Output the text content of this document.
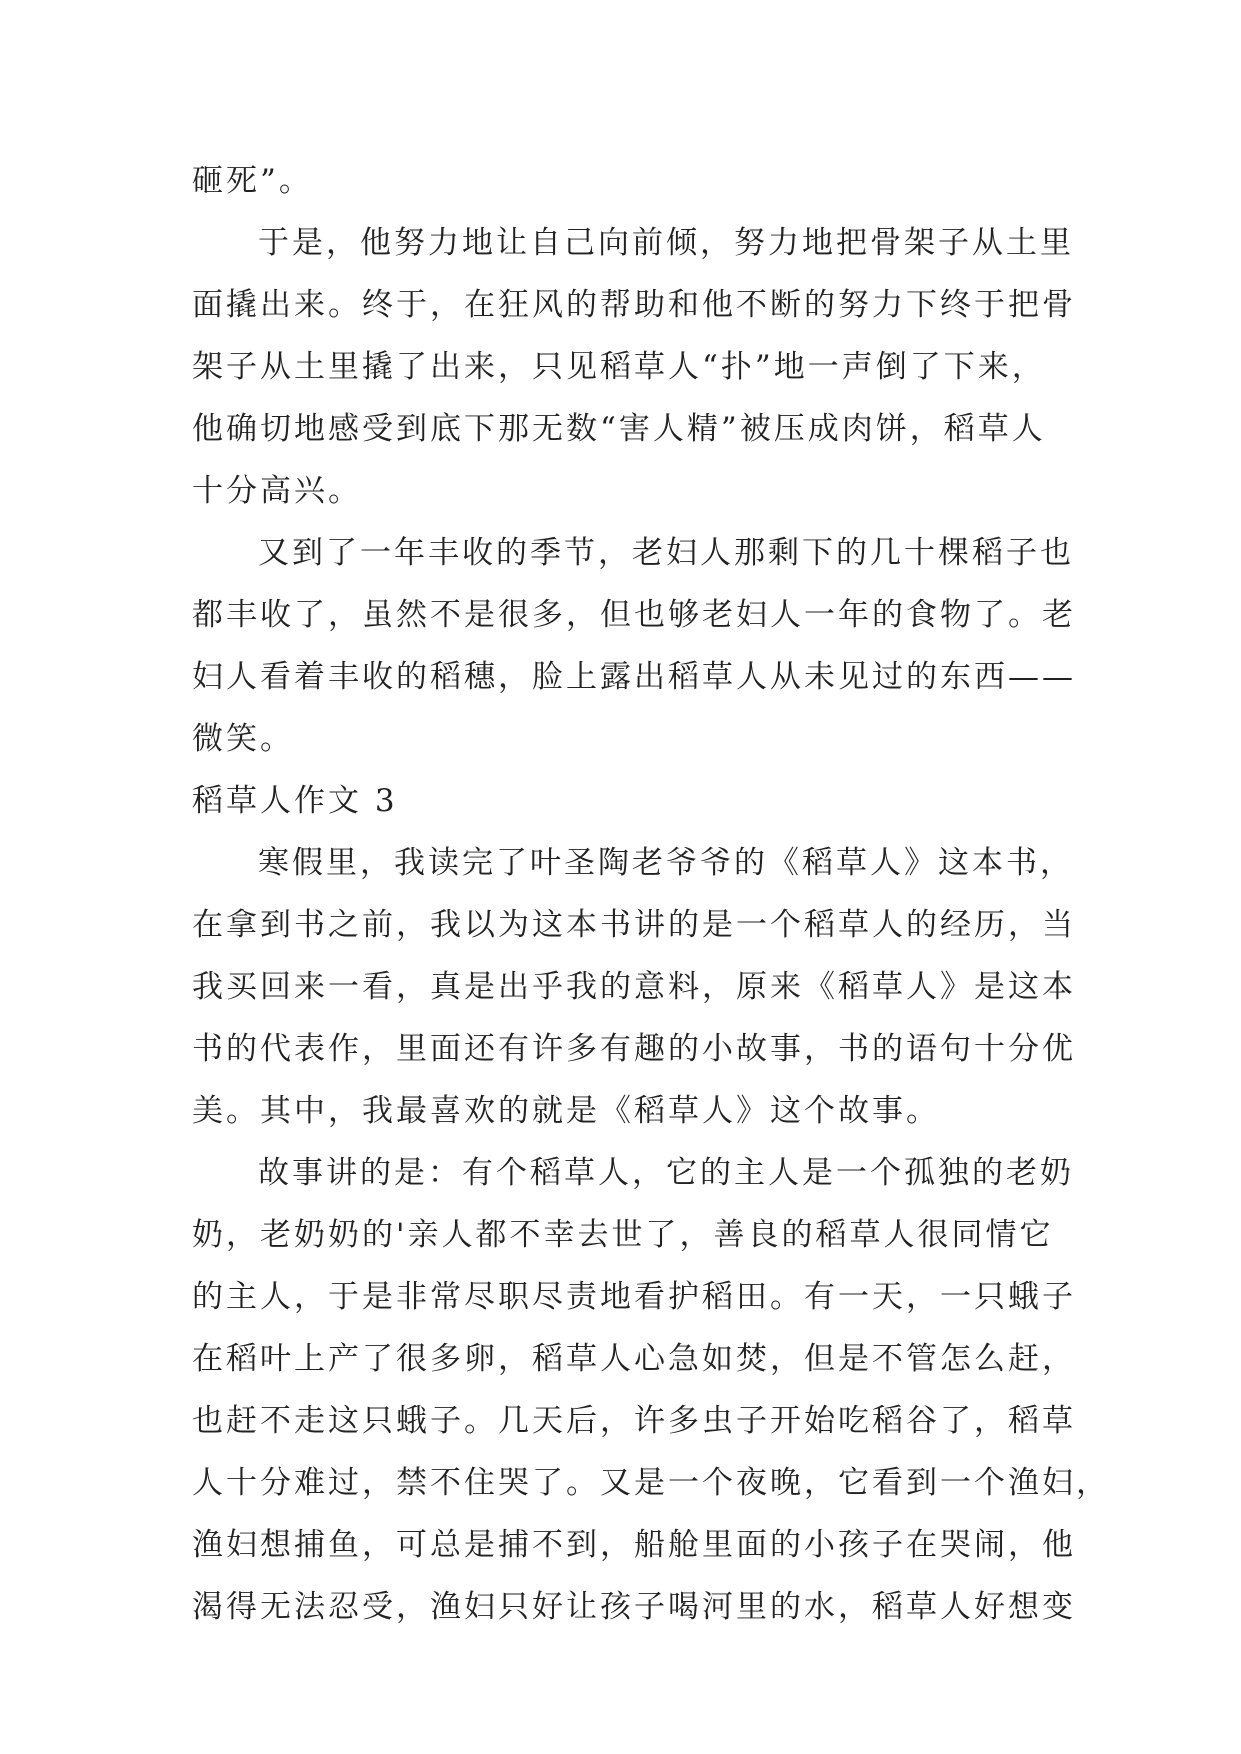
砸死”。
于是，他努力地让自己向前倾，努力地把骨架子从土里
面撬出来。终于，在狂风的帮助和他不断的努力下终于把骨
架子从土里撬了出来，只见稻草人“扑”地一声倒了下来，
他确切地感受到底下那无数“害人精”被压成肉饼，稻草人
十分高兴。
又到了一年丰收的季节，老妇人那剩下的几十棵稻子也
都丰收了，虽然不是很多，但也够老妇人一年的食物了。老
妇人看着丰收的稻穗，脸上露出稻草人从未见过的东西——
微笑。
稻草人作文 3
寒假里，我读完了叶圣陶老爷爷的《稻草人》这本书，
在拿到书之前，我以为这本书讲的是一个稻草人的经历，当
我买回来一看，真是出乎我的意料，原来《稻草人》是这本
书的代表作，里面还有许多有趣的小故事，书的语句十分优
美。其中，我最喜欢的就是《稻草人》这个故事。
故事讲的是：有个稻草人，它的主人是一个孤独的老奶
奶，老奶奶的'亲人都不幸去世了，善良的稻草人很同情它
的主人，于是非常尽职尽责地看护稻田。有一天，一只蛾子
在稻叶上产了很多卵，稻草人心急如焚，但是不管怎么赶，
也赶不走这只蛾子。几天后，许多虫子开始吃稻谷了，稻草
人十分难过，禁不住哭了。又是一个夜晚，它看到一个渔妇，
渔妇想捕鱼，可总是捕不到，船舱里面的小孩子在哭闹，他
渴得无法忍受，渔妇只好让孩子喝河里的水，稻草人好想变
